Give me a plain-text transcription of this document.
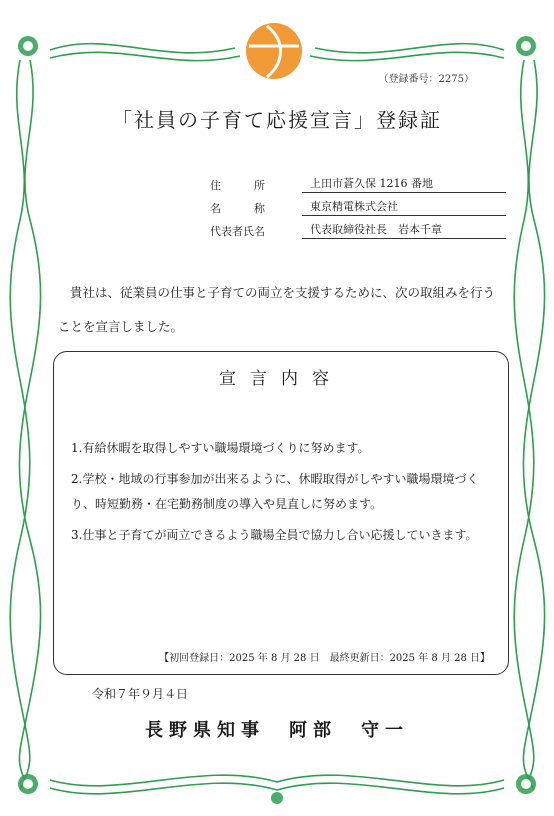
（登録番号：2275）
「社員の子育て応援宣言」登録証
住　　　所	上田市蒼久保 1216 番地
名　　　称	東京精電株式会社
代表者氏名	代表取締役社長　岩本千章
貴社は、従業員の仕事と子育ての両立を支援するために、次の取組みを行うことを宣言しました。
宣言内容

1.有給休暇を取得しやすい職場環境づくりに努めます。

2.学校・地域の行事参加が出来るように、休暇取得がしやすい職場環境づくり、時短勤務・在宅勤務制度の導入や見直しに努めます。

3.仕事と子育てが両立できるよう職場全員で協力し合い応援していきます。

【初回登録日：2025 年 8 月 28 日　最終更新日：2025 年 8 月 28 日】
令和７年９月４日
長野県知事　阿部　守一
